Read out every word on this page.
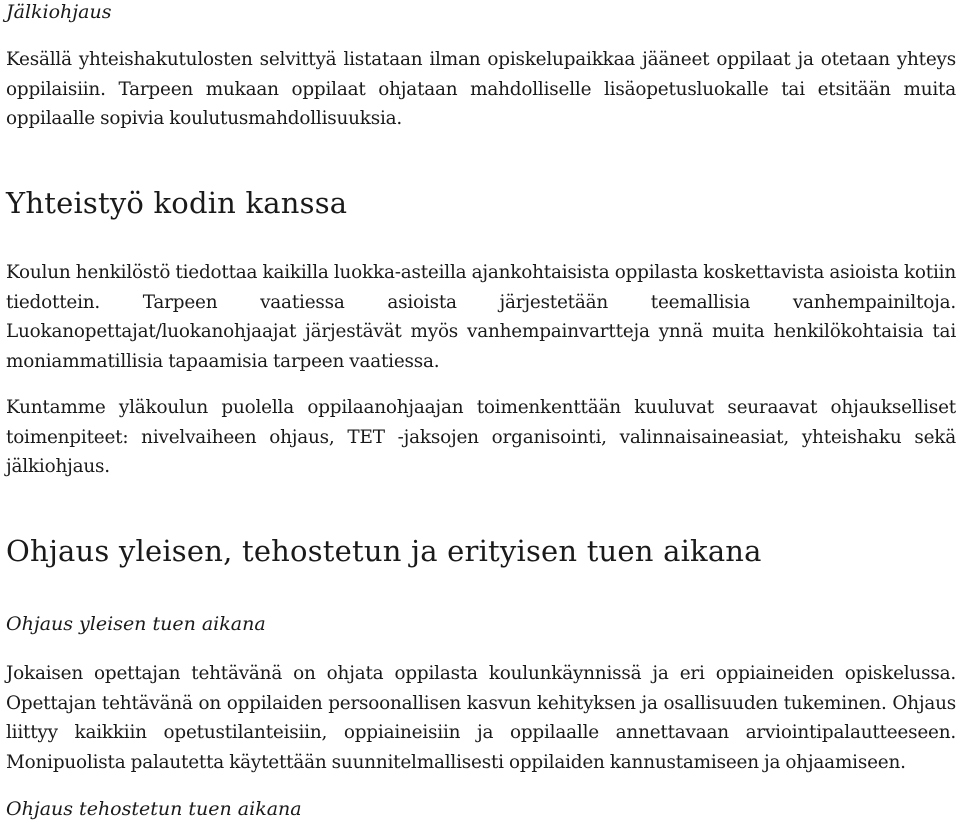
Jälkiohjaus

Kesällä yhteishakutulosten selvittyä listataan ilman opiskelupaikkaa jääneet oppilaat ja otetaan yhteys oppilaisiin. Tarpeen mukaan oppilaat ohjataan mahdolliselle lisäopetusluokalle tai etsitään muita oppilaalle sopivia koulutusmahdollisuuksia.

Yhteistyö kodin kanssa

Koulun henkilöstö tiedottaa kaikilla luokka-asteilla ajankohtaisista oppilasta koskettavista asioista kotiin tiedottein. Tarpeen vaatiessa asioista järjestetään teemallisia vanhempainiltoja. Luokanopettajat/luokanohjaajat järjestävät myös vanhempainvartteja ynnä muita henkilökohtaisia tai moniammatillisia tapaamisia tarpeen vaatiessa.

Kuntamme yläkoulun puolella oppilaanohjaajan toimenkenttään kuuluvat seuraavat ohjaukselliset toimenpiteet: nivelvaiheen ohjaus, TET -jaksojen organisointi, valinnaisaineasiat, yhteishaku sekä jälkiohjaus.

Ohjaus yleisen, tehostetun ja erityisen tuen aikana
Ohjaus yleisen tuen aikana

Jokaisen opettajan tehtävänä on ohjata oppilasta koulunkäynnissä ja eri oppiaineiden opiskelussa. Opettajan tehtävänä on oppilaiden persoonallisen kasvun kehityksen ja osallisuuden tukeminen. Ohjaus liittyy kaikkiin opetustilanteisiin, oppiaineisiin ja oppilaalle annettavaan arviointipalautteeseen. Monipuolista palautetta käytettään suunnitelmallisesti oppilaiden kannustamiseen ja ohjaamiseen.

Ohjaus tehostetun tuen aikana
